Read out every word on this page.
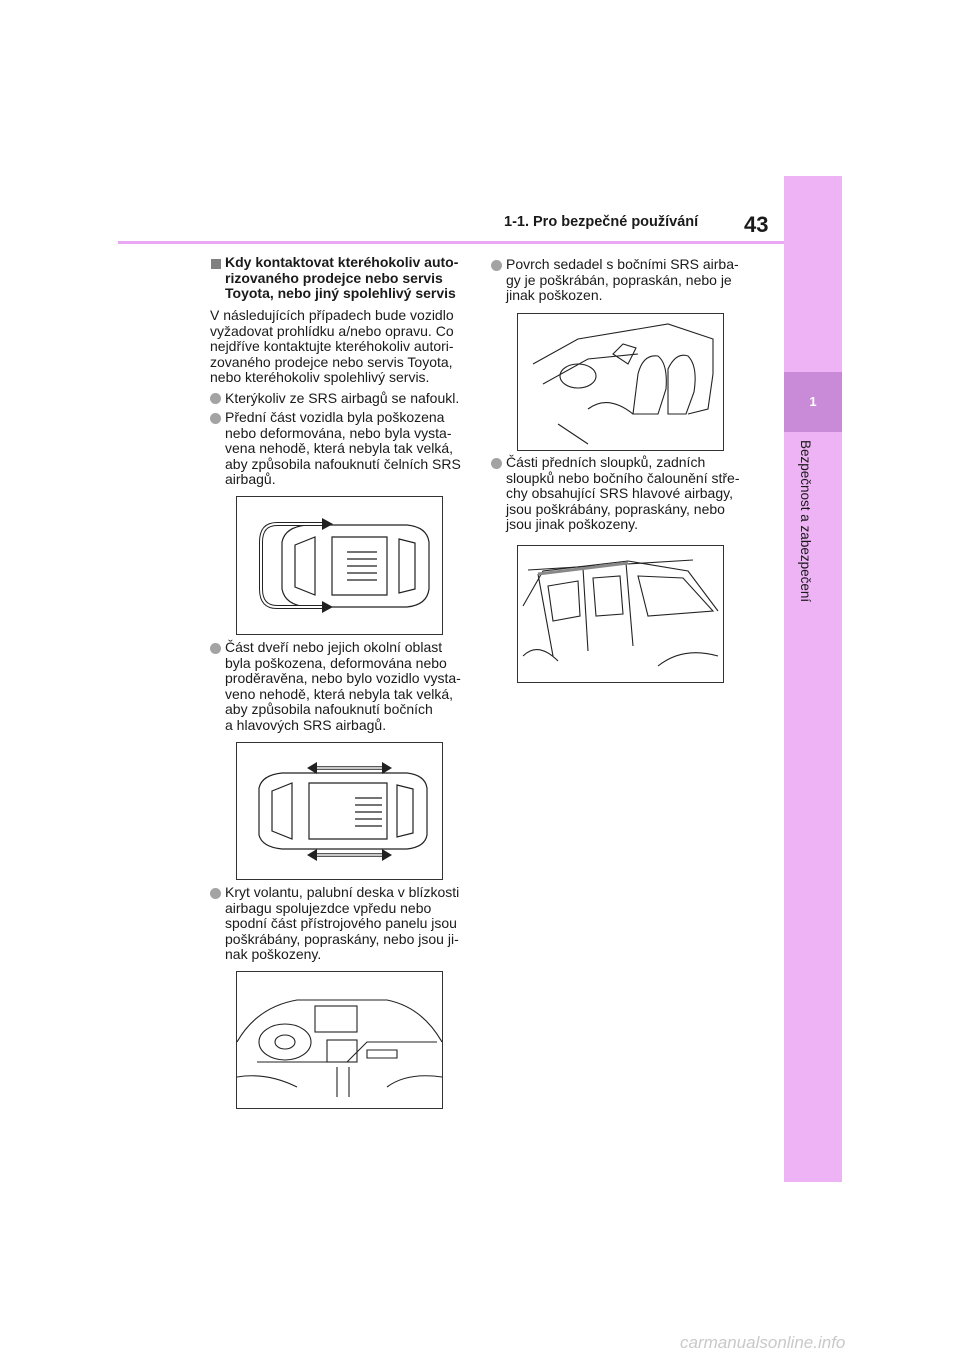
1-1. Pro bezpečné používání 43
1
Bezpečnost a zabezpečení
Kdy kontaktovat kteréhokoliv auto-
rizovaného prodejce nebo servis
Toyota, nebo jiný spolehlivý servis
V následujících případech bude vozidlo
vyžadovat prohlídku a/nebo opravu. Co
nejdříve kontaktujte kteréhokoliv autori-
zovaného prodejce nebo servis Toyota,
nebo kteréhokoliv spolehlivý servis.
Kterýkoliv ze SRS airbagů se nafoukl.
Přední část vozidla byla poškozena
nebo deformována, nebo byla vysta-
vena nehodě, která nebyla tak velká,
aby způsobila nafouknutí čelních SRS
airbagů.
Část dveří nebo jejich okolní oblast
byla poškozena, deformována nebo
proděravěna, nebo bylo vozidlo vysta-
veno nehodě, která nebyla tak velká,
aby způsobila nafouknutí bočních
a hlavových SRS airbagů.
Kryt volantu, palubní deska v blízkosti
airbagu spolujezdce vpředu nebo
spodní část přístrojového panelu jsou
poškrábány, popraskány, nebo jsou ji-
nak poškozeny.
Povrch sedadel s bočními SRS airba-
gy je poškrábán, popraskán, nebo je
jinak poškozen.
Části předních sloupků, zadních
sloupků nebo bočního čalounění stře-
chy obsahující SRS hlavové airbagy,
jsou poškrábány, popraskány, nebo
jsou jinak poškozeny.
carmanualsonline.info
